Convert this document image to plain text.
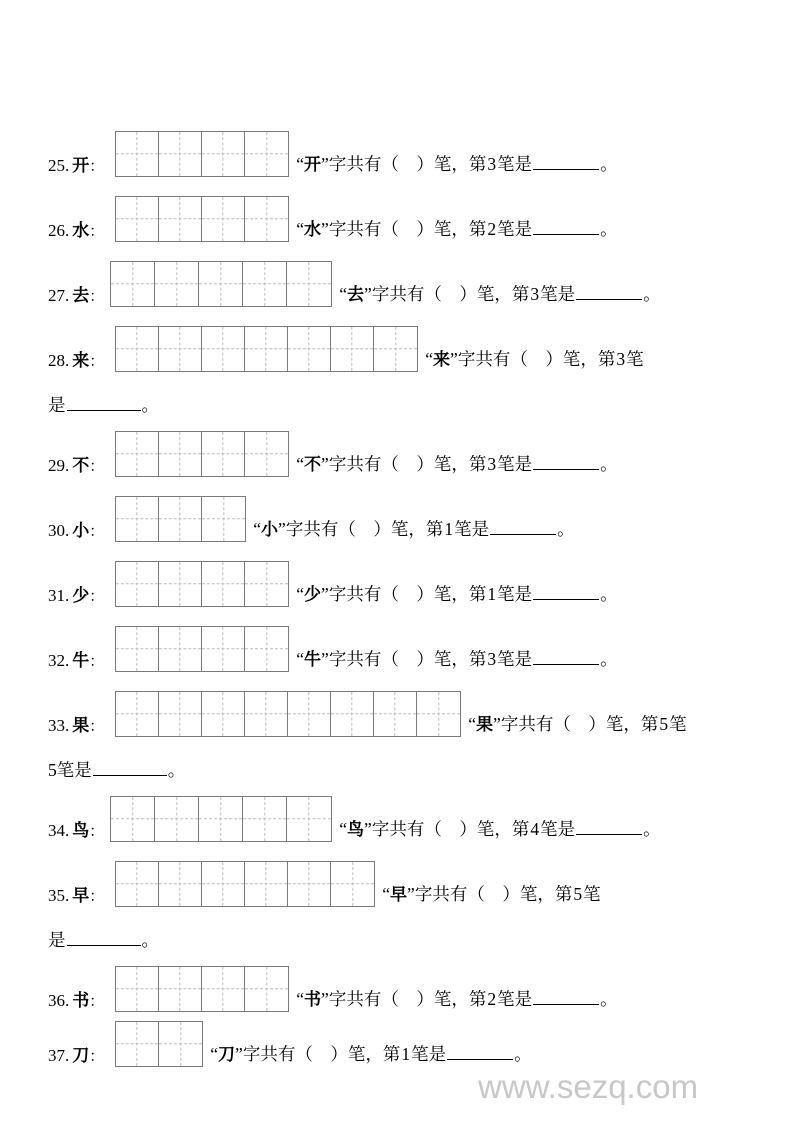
25. 开：	“开”字共有（　）笔，第3笔是	。
26. 水：	“水”字共有（　）笔，第2笔是	。
27. 去：	“去”字共有（　）笔，第3笔是	。
28. 来：	“来”字共有（　）笔，第3笔
是	。
29. 不：	“不”字共有（　）笔，第3笔是	。
30. 小：	“小”字共有（　）笔，第1笔是	。
31. 少：	“少”字共有（　）笔，第1笔是	。
32. 牛：	“牛”字共有（　）笔，第3笔是	。
33. 果：	“果”字共有（　）笔，第5笔
5笔是	。
34. 鸟：	“鸟”字共有（　）笔，第4笔是	。
35. 早：	“早”字共有（　）笔，第5笔
是	。
36. 书：	“书”字共有（　）笔，第2笔是	。
37. 刀：	“刀”字共有（　）笔，第1笔是	。
www.sezq.com
